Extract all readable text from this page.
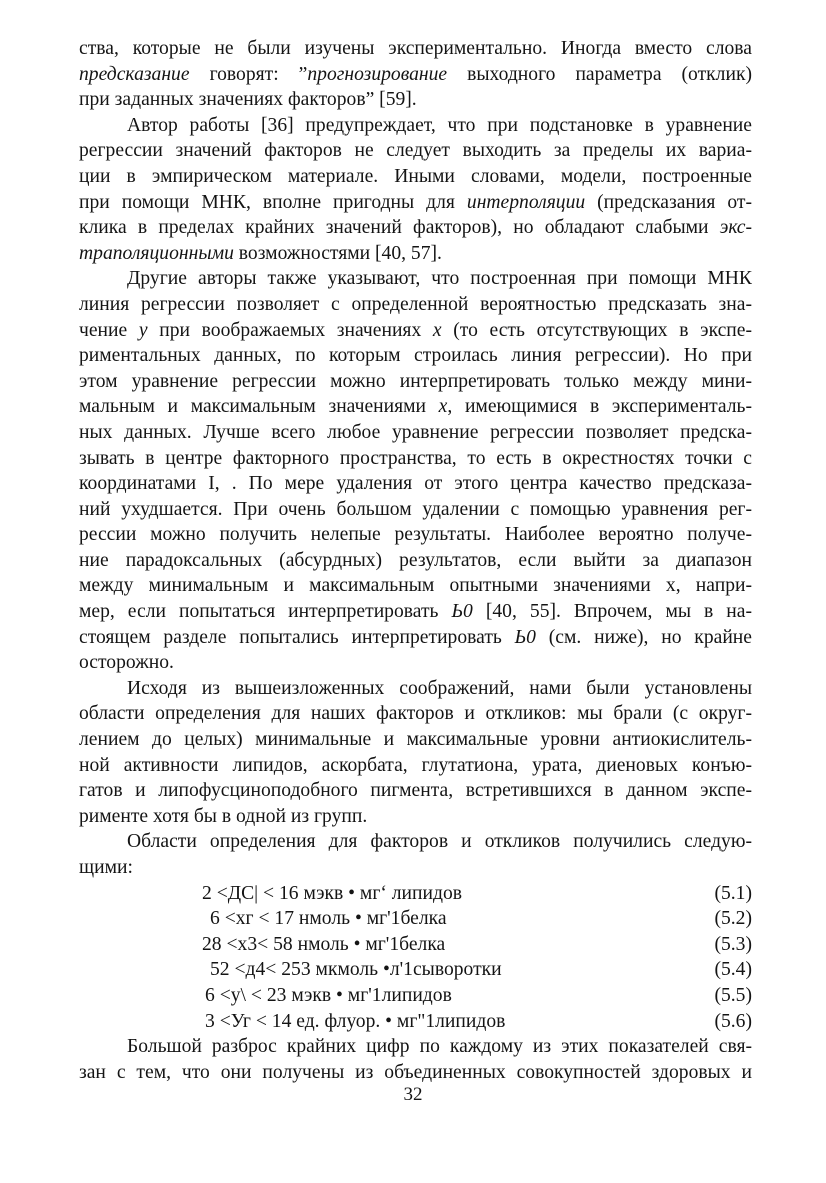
ства, которые не были изучены экспериментально. Иногда вместо слова
предсказание говорят: ”прогнозирование выходного параметра (отклик)

при заданных значениях факторов” [59].

Автор работы [36] предупреждает, что при подстановке в уравнение
регрессии значений факторов не следует выходить за пределы их вариа-
ции в эмпирическом материале. Иными словами, модели, построенные
при помощи МНК, вполне пригодны для интерполяции (предсказания от-
клика в пределах крайних значений факторов), но обладают слабыми экс-

траполяционными возможностями [40, 57].

Другие авторы также указывают, что построенная при помощи МНК
линия регрессии позволяет с определенной вероятностью предсказать зна-
чение у при воображаемых значениях х (то есть отсутствующих в экспе-
риментальных данных, по которым строилась линия регрессии). Но при
этом уравнение регрессии можно интерпретировать только между мини-
мальным и максимальным значениями х, имеющимися в эксперименталь-
ных данных. Лучше всего любое уравнение регрессии позволяет предска-
зывать в центре факторного пространства, то есть в окрестностях точки с
координатами I, . По мере удаления от этого центра качество предсказа-
ний ухудшается. При очень большом удалении с помощью уравнения рег-
рессии можно получить нелепые результаты. Наиболее вероятно получе-
ние парадоксальных (абсурдных) результатов, если выйти за диапазон
между минимальным и максимальным опытными значениями х, напри-
мер, если попытаться интерпретировать Ь0 [40, 55]. Впрочем, мы в на-
стоящем разделе попытались интерпретировать Ь0 (см. ниже), но крайне

осторожно.

Исходя из вышеизложенных соображений, нами были установлены
области определения для наших факторов и откликов: мы брали (с округ-
лением до целых) минимальные и максимальные уровни антиокислитель-
ной активности липидов, аскорбата, глутатиона, урата, диеновых конъю-
гатов и липофусциноподобного пигмента, встретившихся в данном экспе-

рименте хотя бы в одной из групп.

Области определения для факторов и откликов получились следую-

щими:

2 <ДС| < 16 мэкв • мг‘ липидов	(5.1)
6 <хг < 17 нмоль • мг'1белка	(5.2)
28 <х3< 58 нмоль • мг'1белка	(5.3)
52 <д4< 253 мкмоль •л'1сыворотки	(5.4)
6 <у\ < 23 мэкв • мг'1липидов	(5.5)
3 <Уг < 14 ед. флуор. • мг"1липидов	(5.6)

Большой разброс крайних цифр по каждому из этих показателей свя-
зан с тем, что они получены из объединенных совокупностей здоровых и

32
